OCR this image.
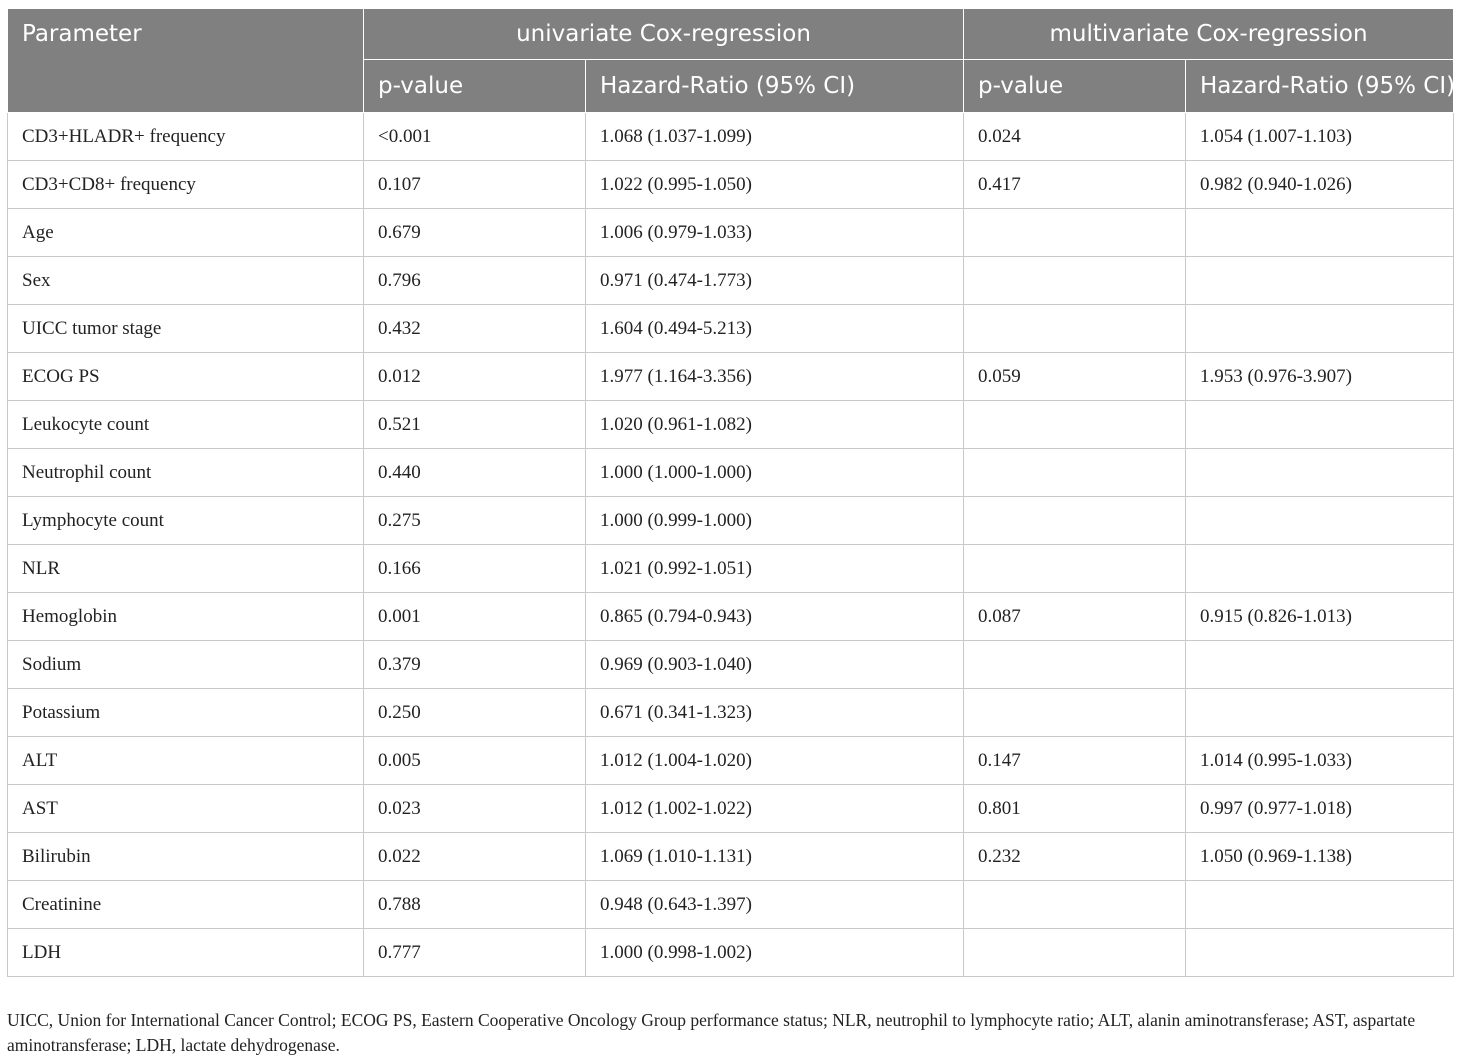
Parameter	univariate Cox-regression		multivariate Cox-regression	
	p-value	Hazard-Ratio (95% CI)	p-value	Hazard-Ratio (95% CI)
CD3+HLADR+ frequency	<0.001	1.068 (1.037-1.099)	0.024	1.054 (1.007-1.103)
CD3+CD8+ frequency	0.107	1.022 (0.995-1.050)	0.417	0.982 (0.940-1.026)
Age	0.679	1.006 (0.979-1.033)		
Sex	0.796	0.971 (0.474-1.773)		
UICC tumor stage	0.432	1.604 (0.494-5.213)		
ECOG PS	0.012	1.977 (1.164-3.356)	0.059	1.953 (0.976-3.907)
Leukocyte count	0.521	1.020 (0.961-1.082)		
Neutrophil count	0.440	1.000 (1.000-1.000)		
Lymphocyte count	0.275	1.000 (0.999-1.000)		
NLR	0.166	1.021 (0.992-1.051)		
Hemoglobin	0.001	0.865 (0.794-0.943)	0.087	0.915 (0.826-1.013)
Sodium	0.379	0.969 (0.903-1.040)		
Potassium	0.250	0.671 (0.341-1.323)		
ALT	0.005	1.012 (1.004-1.020)	0.147	1.014 (0.995-1.033)
AST	0.023	1.012 (1.002-1.022)	0.801	0.997 (0.977-1.018)
Bilirubin	0.022	1.069 (1.010-1.131)	0.232	1.050 (0.969-1.138)
Creatinine	0.788	0.948 (0.643-1.397)		
LDH	0.777	1.000 (0.998-1.002)		

UICC, Union for International Cancer Control; ECOG PS, Eastern Cooperative Oncology Group performance status; NLR, neutrophil to lymphocyte ratio; ALT, alanin aminotransferase; AST, aspartate aminotransferase; LDH, lactate dehydrogenase.
